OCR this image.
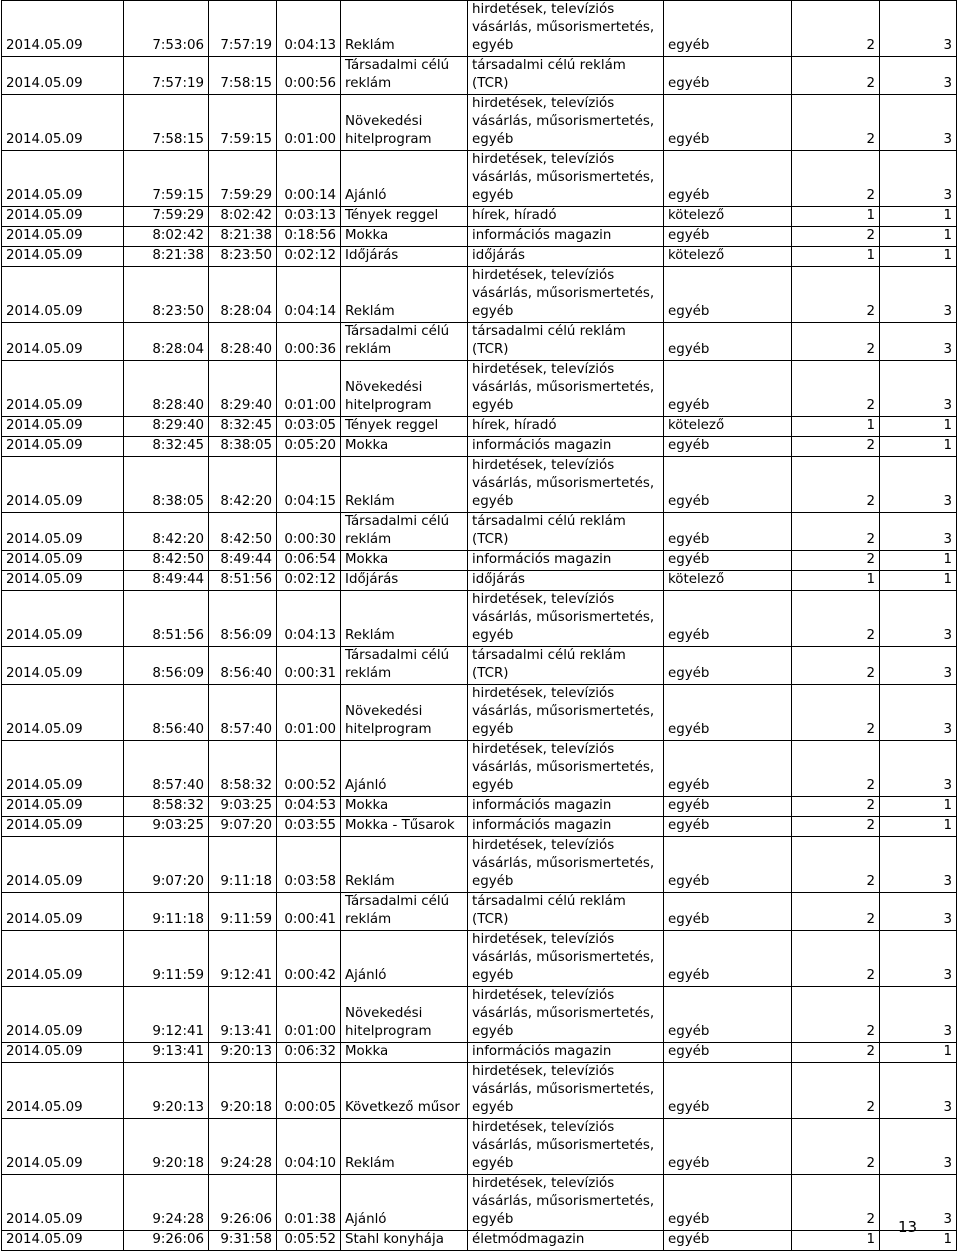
2014.05.09	7:53:06	7:57:19	0:04:13	Reklám	hirdetések, televíziós vásárlás, műsorismertetés, egyéb	egyéb	2	3
2014.05.09	7:57:19	7:58:15	0:00:56	Társadalmi célú reklám	társadalmi célú reklám (TCR)	egyéb	2	3
2014.05.09	7:58:15	7:59:15	0:01:00	Növekedési hitelprogram	hirdetések, televíziós vásárlás, műsorismertetés, egyéb	egyéb	2	3
2014.05.09	7:59:15	7:59:29	0:00:14	Ajánló	hirdetések, televíziós vásárlás, műsorismertetés, egyéb	egyéb	2	3
2014.05.09	7:59:29	8:02:42	0:03:13	Tények reggel	hírek, híradó	kötelező	1	1
2014.05.09	8:02:42	8:21:38	0:18:56	Mokka	információs magazin	egyéb	2	1
2014.05.09	8:21:38	8:23:50	0:02:12	Időjárás	időjárás	kötelező	1	1
2014.05.09	8:23:50	8:28:04	0:04:14	Reklám	hirdetések, televíziós vásárlás, műsorismertetés, egyéb	egyéb	2	3
2014.05.09	8:28:04	8:28:40	0:00:36	Társadalmi célú reklám	társadalmi célú reklám (TCR)	egyéb	2	3
2014.05.09	8:28:40	8:29:40	0:01:00	Növekedési hitelprogram	hirdetések, televíziós vásárlás, műsorismertetés, egyéb	egyéb	2	3
2014.05.09	8:29:40	8:32:45	0:03:05	Tények reggel	hírek, híradó	kötelező	1	1
2014.05.09	8:32:45	8:38:05	0:05:20	Mokka	információs magazin	egyéb	2	1
2014.05.09	8:38:05	8:42:20	0:04:15	Reklám	hirdetések, televíziós vásárlás, műsorismertetés, egyéb	egyéb	2	3
2014.05.09	8:42:20	8:42:50	0:00:30	Társadalmi célú reklám	társadalmi célú reklám (TCR)	egyéb	2	3
2014.05.09	8:42:50	8:49:44	0:06:54	Mokka	információs magazin	egyéb	2	1
2014.05.09	8:49:44	8:51:56	0:02:12	Időjárás	időjárás	kötelező	1	1
2014.05.09	8:51:56	8:56:09	0:04:13	Reklám	hirdetések, televíziós vásárlás, műsorismertetés, egyéb	egyéb	2	3
2014.05.09	8:56:09	8:56:40	0:00:31	Társadalmi célú reklám	társadalmi célú reklám (TCR)	egyéb	2	3
2014.05.09	8:56:40	8:57:40	0:01:00	Növekedési hitelprogram	hirdetések, televíziós vásárlás, műsorismertetés, egyéb	egyéb	2	3
2014.05.09	8:57:40	8:58:32	0:00:52	Ajánló	hirdetések, televíziós vásárlás, műsorismertetés, egyéb	egyéb	2	3
2014.05.09	8:58:32	9:03:25	0:04:53	Mokka	információs magazin	egyéb	2	1
2014.05.09	9:03:25	9:07:20	0:03:55	Mokka - Tűsarok	információs magazin	egyéb	2	1
2014.05.09	9:07:20	9:11:18	0:03:58	Reklám	hirdetések, televíziós vásárlás, műsorismertetés, egyéb	egyéb	2	3
2014.05.09	9:11:18	9:11:59	0:00:41	Társadalmi célú reklám	társadalmi célú reklám (TCR)	egyéb	2	3
2014.05.09	9:11:59	9:12:41	0:00:42	Ajánló	hirdetések, televíziós vásárlás, műsorismertetés, egyéb	egyéb	2	3
2014.05.09	9:12:41	9:13:41	0:01:00	Növekedési hitelprogram	hirdetések, televíziós vásárlás, műsorismertetés, egyéb	egyéb	2	3
2014.05.09	9:13:41	9:20:13	0:06:32	Mokka	információs magazin	egyéb	2	1
2014.05.09	9:20:13	9:20:18	0:00:05	Következő műsor	hirdetések, televíziós vásárlás, műsorismertetés, egyéb	egyéb	2	3
2014.05.09	9:20:18	9:24:28	0:04:10	Reklám	hirdetések, televíziós vásárlás, műsorismertetés, egyéb	egyéb	2	3
2014.05.09	9:24:28	9:26:06	0:01:38	Ajánló	hirdetések, televíziós vásárlás, műsorismertetés, egyéb	egyéb	2	3
2014.05.09	9:26:06	9:31:58	0:05:52	Stahl konyhája	életmódmagazin	egyéb	1	1
13
